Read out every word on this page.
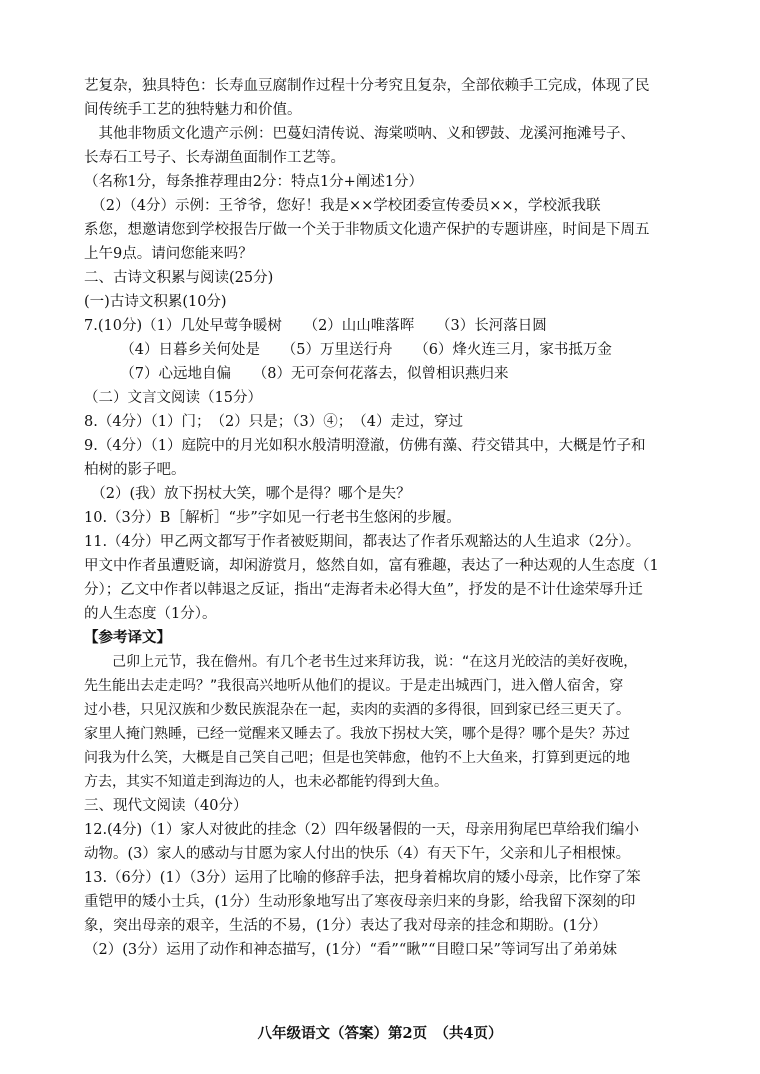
艺复杂，独具特色：长寿血豆腐制作过程十分考究且复杂，全部依赖手工完成，体现了民
间传统手工艺的独特魅力和价值。
　其他非物质文化遗产示例：巴蔓妇清传说、海棠唢呐、义和锣鼓、龙溪河拖滩号子、
长寿石工号子、长寿湖鱼面制作工艺等。
（名称1分，每条推荐理由2分：特点1分+阐述1分）
　（2）（4分）示例：王爷爷，您好！我是××学校团委宣传委员××，学校派我联
系您，想邀请您到学校报告厅做一个关于非物质文化遗产保护的专题讲座，时间是下周五
上午9点。请问您能来吗？
二、古诗文积累与阅读(25分)
(一)古诗文积累(10分)
7.(10分)（1）几处早莺争暖树　　（2）山山唯落晖　　（3）长河落日圆
　　　（4）日暮乡关何处是　　（5）万里送行舟　　（6）烽火连三月，家书抵万金
　　　（7）心远地自偏　　（8）无可奈何花落去，似曾相识燕归来
（二）文言文阅读（15分）
8.（4分）（1）门；　（2）只是；（3）④；　（4）走过，穿过
9.（4分）（1）庭院中的月光如积水般清明澄澈，仿佛有藻、荇交错其中，大概是竹子和
柏树的影子吧。
　（2）(我）放下拐杖大笑，哪个是得？哪个是失？
10.（3分）B［解析］“步”字如见一行老书生悠闲的步履。
11.（4分）甲乙两文都写于作者被贬期间，都表达了作者乐观豁达的人生追求（2分）。
甲文中作者虽遭贬谪，却闲游赏月，悠然自如，富有雅趣，表达了一种达观的人生态度（1
分）；乙文中作者以韩退之反证，指出“走海者未必得大鱼”，抒发的是不计仕途荣辱升迁
的人生态度（1分）。
【参考译文】
　　己卯上元节，我在儋州。有几个老书生过来拜访我，说：“在这月光皎洁的美好夜晚，
先生能出去走走吗？”我很高兴地听从他们的提议。于是走出城西门，进入僧人宿舍，穿
过小巷，只见汉族和少数民族混杂在一起，卖肉的卖酒的多得很，回到家已经三更天了。
家里人掩门熟睡，已经一觉醒来又睡去了。我放下拐杖大笑，哪个是得？哪个是失？苏过
问我为什么笑，大概是自己笑自己吧；但是也笑韩愈，他钓不上大鱼来，打算到更远的地
方去，其实不知道走到海边的人，也未必都能钓得到大鱼。
三、现代文阅读（40分）
12.(4分)（1）家人对彼此的挂念（2）四年级暑假的一天，母亲用狗尾巴草给我们编小
动物。(3）家人的感动与甘愿为家人付出的快乐（4）有天下午，父亲和儿子相根悚。
13.（6分）(1）（3分）运用了比喻的修辞手法，把身着棉坎肩的矮小母亲，比作穿了笨
重铠甲的矮小士兵，(1分）生动形象地写出了寒夜母亲归来的身影，给我留下深刻的印
象，突出母亲的艰辛，生活的不易，(1分）表达了我对母亲的挂念和期盼。(1分）
（2）(3分）运用了动作和神态描写，(1分）“看”“瞅”“目瞪口呆”等词写出了弟弟妹
八年级语文（答案）第2页　（共4页）
